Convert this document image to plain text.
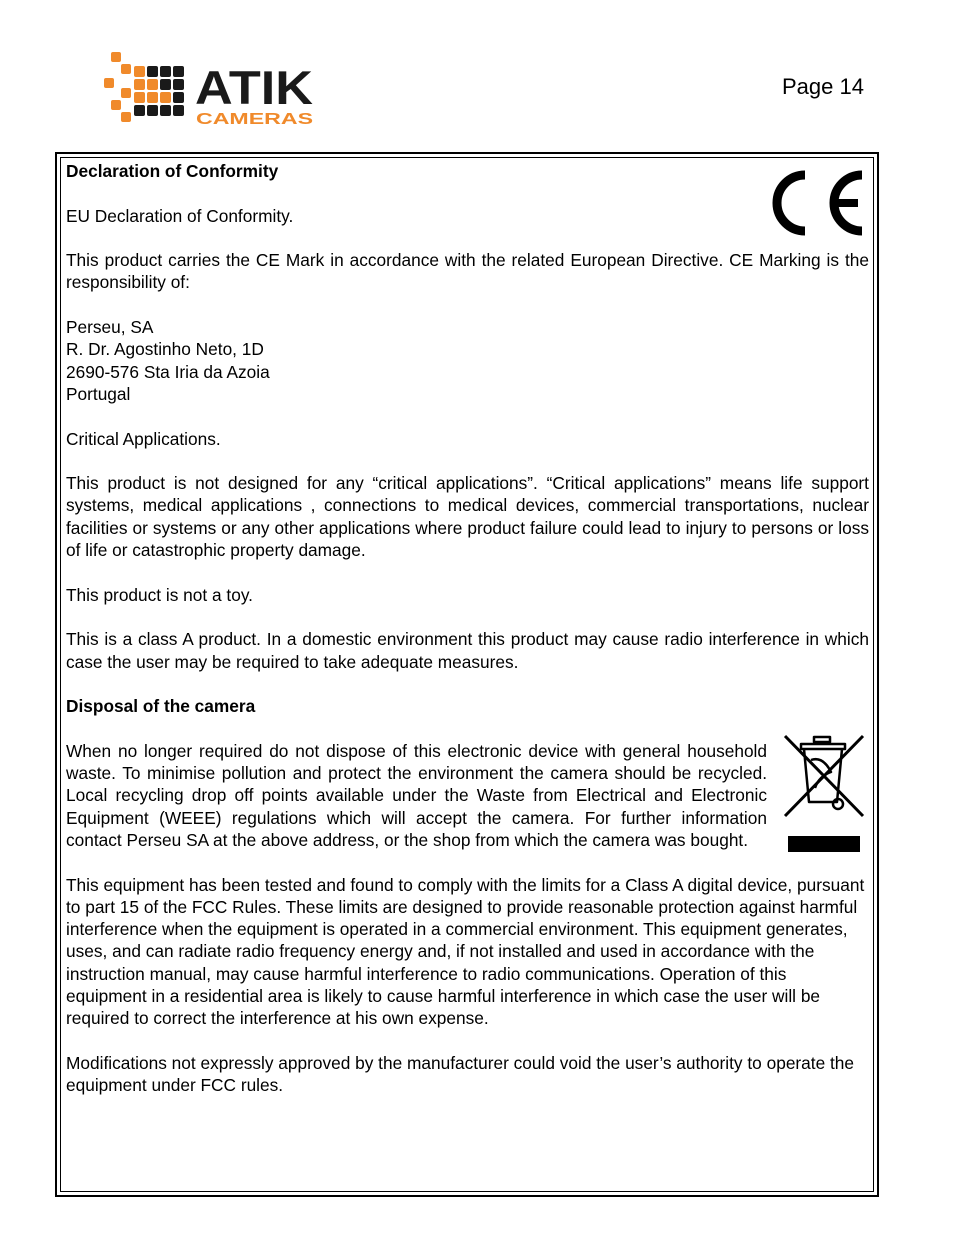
ATIK
CAMERAS
Page 14

Declaration of Conformity

EU Declaration of Conformity.

This product carries the CE Mark in accordance with the related European Directive. CE Marking is the responsibility of:

Perseu, SA
R. Dr. Agostinho Neto, 1D
2690-576 Sta Iria da Azoia
Portugal

Critical Applications.

This product is not designed for any “critical applications”. “Critical applications” means life support systems, medical applications , connections to medical devices, commercial transportations, nuclear facilities or systems or any other applications where product failure could lead to injury to persons or loss of life or catastrophic property damage.

This product is not a toy.

This is a class A product. In a domestic environment this product may cause radio interference in which case the user may be required to take adequate measures.

Disposal of the camera

When no longer required do not dispose of this electronic device with general household waste. To minimise pollution and protect the environment the camera should be recycled. Local recycling drop off points available under the Waste from Electrical and Electronic Equipment (WEEE) regulations which will accept the camera. For further information contact Perseu SA at the above address, or the shop from which the camera was bought.

This equipment has been tested and found to comply with the limits for a Class A digital device, pursuant to part 15 of the FCC Rules. These limits are designed to provide reasonable protection against harmful interference when the equipment is operated in a commercial environment. This equipment generates, uses, and can radiate radio frequency energy and, if not installed and used in accordance with the instruction manual, may cause harmful interference to radio communications. Operation of this equipment in a residential area is likely to cause harmful interference in which case the user will be required to correct the interference at his own expense.

Modifications not expressly approved by the manufacturer could void the user’s authority to operate the equipment under FCC rules.
